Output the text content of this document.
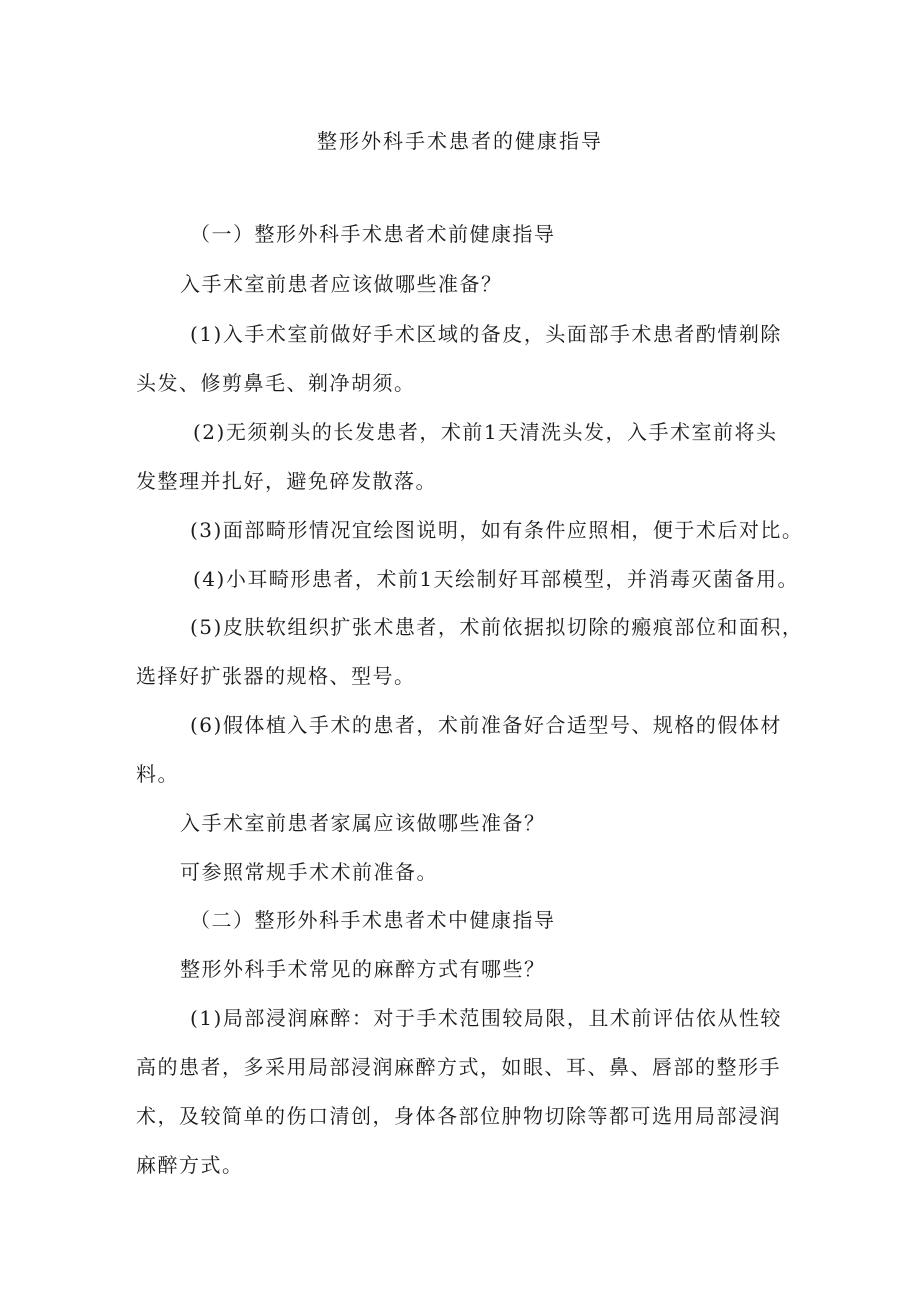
整形外科手术患者的健康指导
（一）整形外科手术患者术前健康指导
入手术室前患者应该做哪些准备？
(1)入手术室前做好手术区域的备皮，头面部手术患者酌情剃除
头发、修剪鼻毛、剃净胡须。
(2)无须剃头的长发患者，术前1天清洗头发，入手术室前将头
发整理并扎好，避免碎发散落。
(3)面部畸形情况宜绘图说明，如有条件应照相，便于术后对比。
(4)小耳畸形患者，术前1天绘制好耳部模型，并消毒灭菌备用。
(5)皮肤软组织扩张术患者，术前依据拟切除的瘢痕部位和面积，
选择好扩张器的规格、型号。
(6)假体植入手术的患者，术前准备好合适型号、规格的假体材
料。
入手术室前患者家属应该做哪些准备？
可参照常规手术术前准备。
（二）整形外科手术患者术中健康指导
整形外科手术常见的麻醉方式有哪些？
(1)局部浸润麻醉：对于手术范围较局限，且术前评估依从性较
高的患者，多采用局部浸润麻醉方式，如眼、耳、鼻、唇部的整形手
术，及较简单的伤口清创，身体各部位肿物切除等都可选用局部浸润
麻醉方式。
